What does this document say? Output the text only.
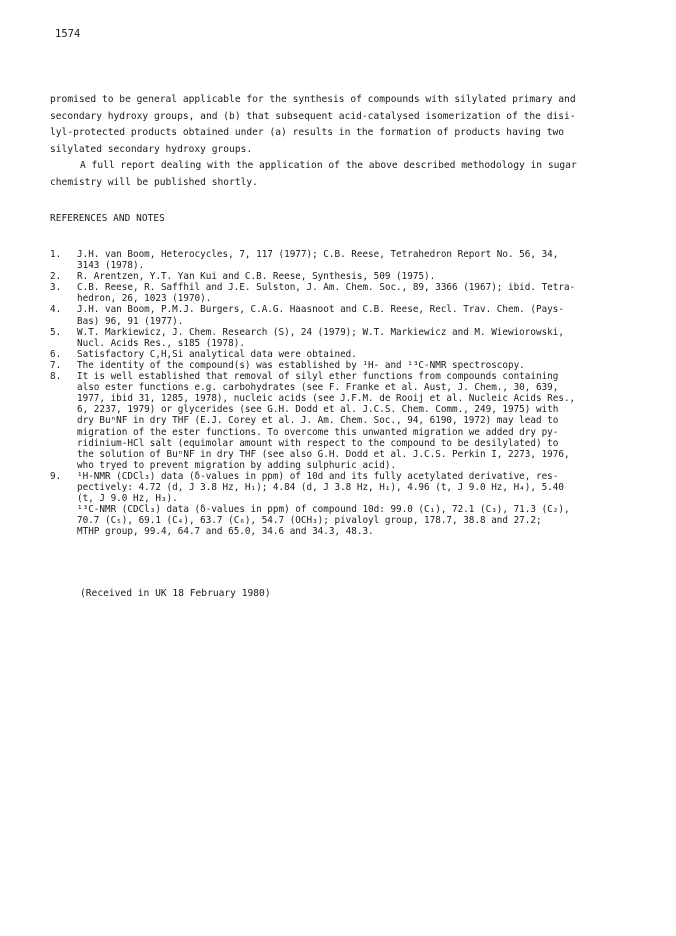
1574

promised to be general applicable for the synthesis of compounds with silylated primary and
secondary hydroxy groups, and (b) that subsequent acid-catalysed isomerization of the disi-
lyl-protected products obtained under (a) results in the formation of products having two
silylated secondary hydroxy groups.

A full report dealing with the application of the above described methodology in sugar
chemistry will be published shortly.

REFERENCES AND NOTES
1.	J.H. van Boom, Heterocycles, 7, 117 (1977); C.B. Reese, Tetrahedron Report No. 56, 34,
3143 (1978).
2.	R. Arentzen, Y.T. Yan Kui and C.B. Reese, Synthesis, 509 (1975).
3.	C.B. Reese, R. Saffhil and J.E. Sulston, J. Am. Chem. Soc., 89, 3366 (1967); ibid. Tetra-
hedron, 26, 1023 (1970).
4.	J.H. van Boom, P.M.J. Burgers, C.A.G. Haasnoot and C.B. Reese, Recl. Trav. Chem. (Pays-
Bas) 96, 91 (1977).
5.	W.T. Markiewicz, J. Chem. Research (S), 24 (1979); W.T. Markiewicz and M. Wiewiorowski,
Nucl. Acids Res., s185 (1978).
6.	Satisfactory C,H,Si analytical data were obtained.
7.	The identity of the compound(s) was established by ¹H- and ¹³C-NMR spectroscopy.
8.	It is well established that removal of silyl ether functions from compounds containing
also ester functions e.g. carbohydrates (see F. Franke et al. Aust, J. Chem., 30, 639,
1977, ibid 31, 1285, 1978), nucleic acids (see J.F.M. de Rooij et al. Nucleic Acids Res.,
6, 2237, 1979) or glycerides (see G.H. Dodd et al. J.C.S. Chem. Comm., 249, 1975) with
dry BuⁿNF in dry THF (E.J. Corey et al. J. Am. Chem. Soc., 94, 6190, 1972) may lead to
migration of the ester functions. To overcome this unwanted migration we added dry py-
ridinium-HCl salt (equimolar amount with respect to the compound to be desilylated) to
the solution of BuⁿNF in dry THF (see also G.H. Dodd et al. J.C.S. Perkin I, 2273, 1976,
who tryed to prevent migration by adding sulphuric acid).
9.	¹H-NMR (CDCl₃) data (δ-values in ppm) of 10d and its fully acetylated derivative, res-
pectively: 4.72 (d, J 3.8 Hz, H₁); 4.84 (d, J 3.8 Hz, H₁), 4.96 (t, J 9.0 Hz, H₄), 5.40
(t, J 9.0 Hz, H₃).
¹³C-NMR (CDCl₃) data (δ-values in ppm) of compound 10d: 99.0 (C₁), 72.1 (C₃), 71.3 (C₂),
70.7 (C₅), 69.1 (C₄), 63.7 (C₆), 54.7 (OCH₃); pivaloyl group, 178.7, 38.8 and 27.2;
MTHP group, 99.4, 64.7 and 65.0, 34.6 and 34.3, 48.3.
(Received in UK 18 February 1980)
